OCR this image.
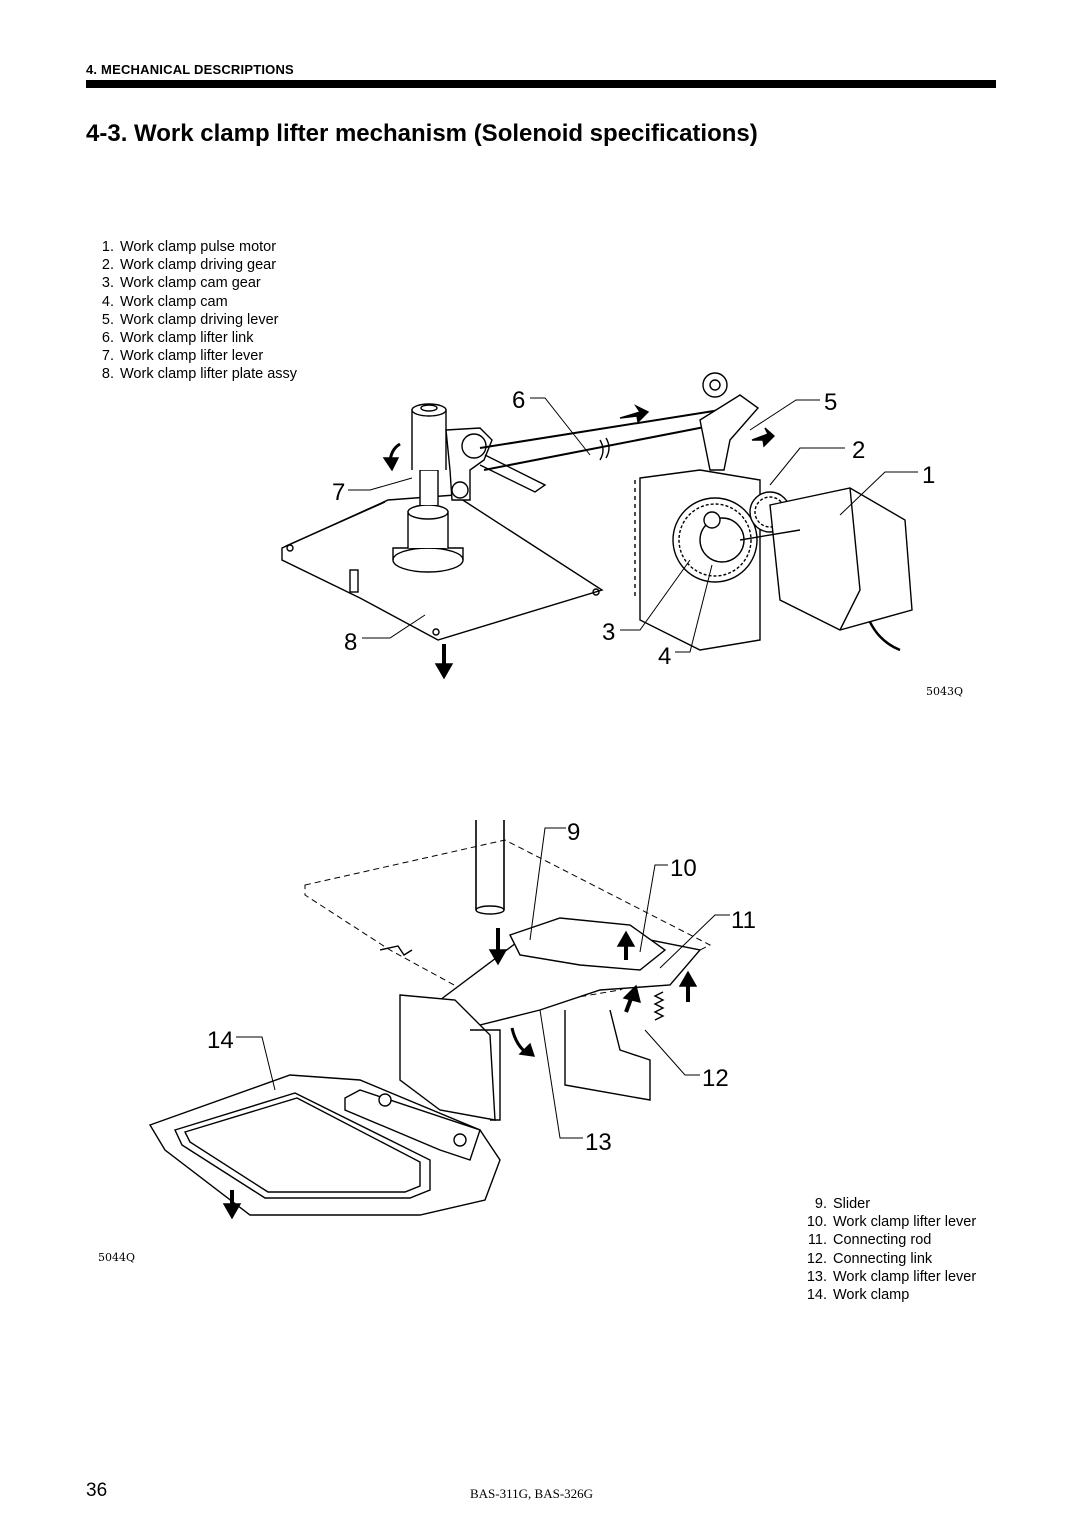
4. MECHANICAL DESCRIPTIONS
4-3. Work clamp lifter mechanism (Solenoid specifications)
1. Work clamp pulse motor
2. Work clamp driving gear
3. Work clamp cam gear
4. Work clamp cam
5. Work clamp driving lever
6. Work clamp lifter link
7. Work clamp lifter lever
8. Work clamp lifter plate assy
1
2
3
4
5
6
7
8
5043Q
9
10
11
12
13
14
5044Q
9. Slider
10. Work clamp lifter lever
11. Connecting rod
12. Connecting link
13. Work clamp lifter lever
14. Work clamp
36	BAS-311G, BAS-326G
